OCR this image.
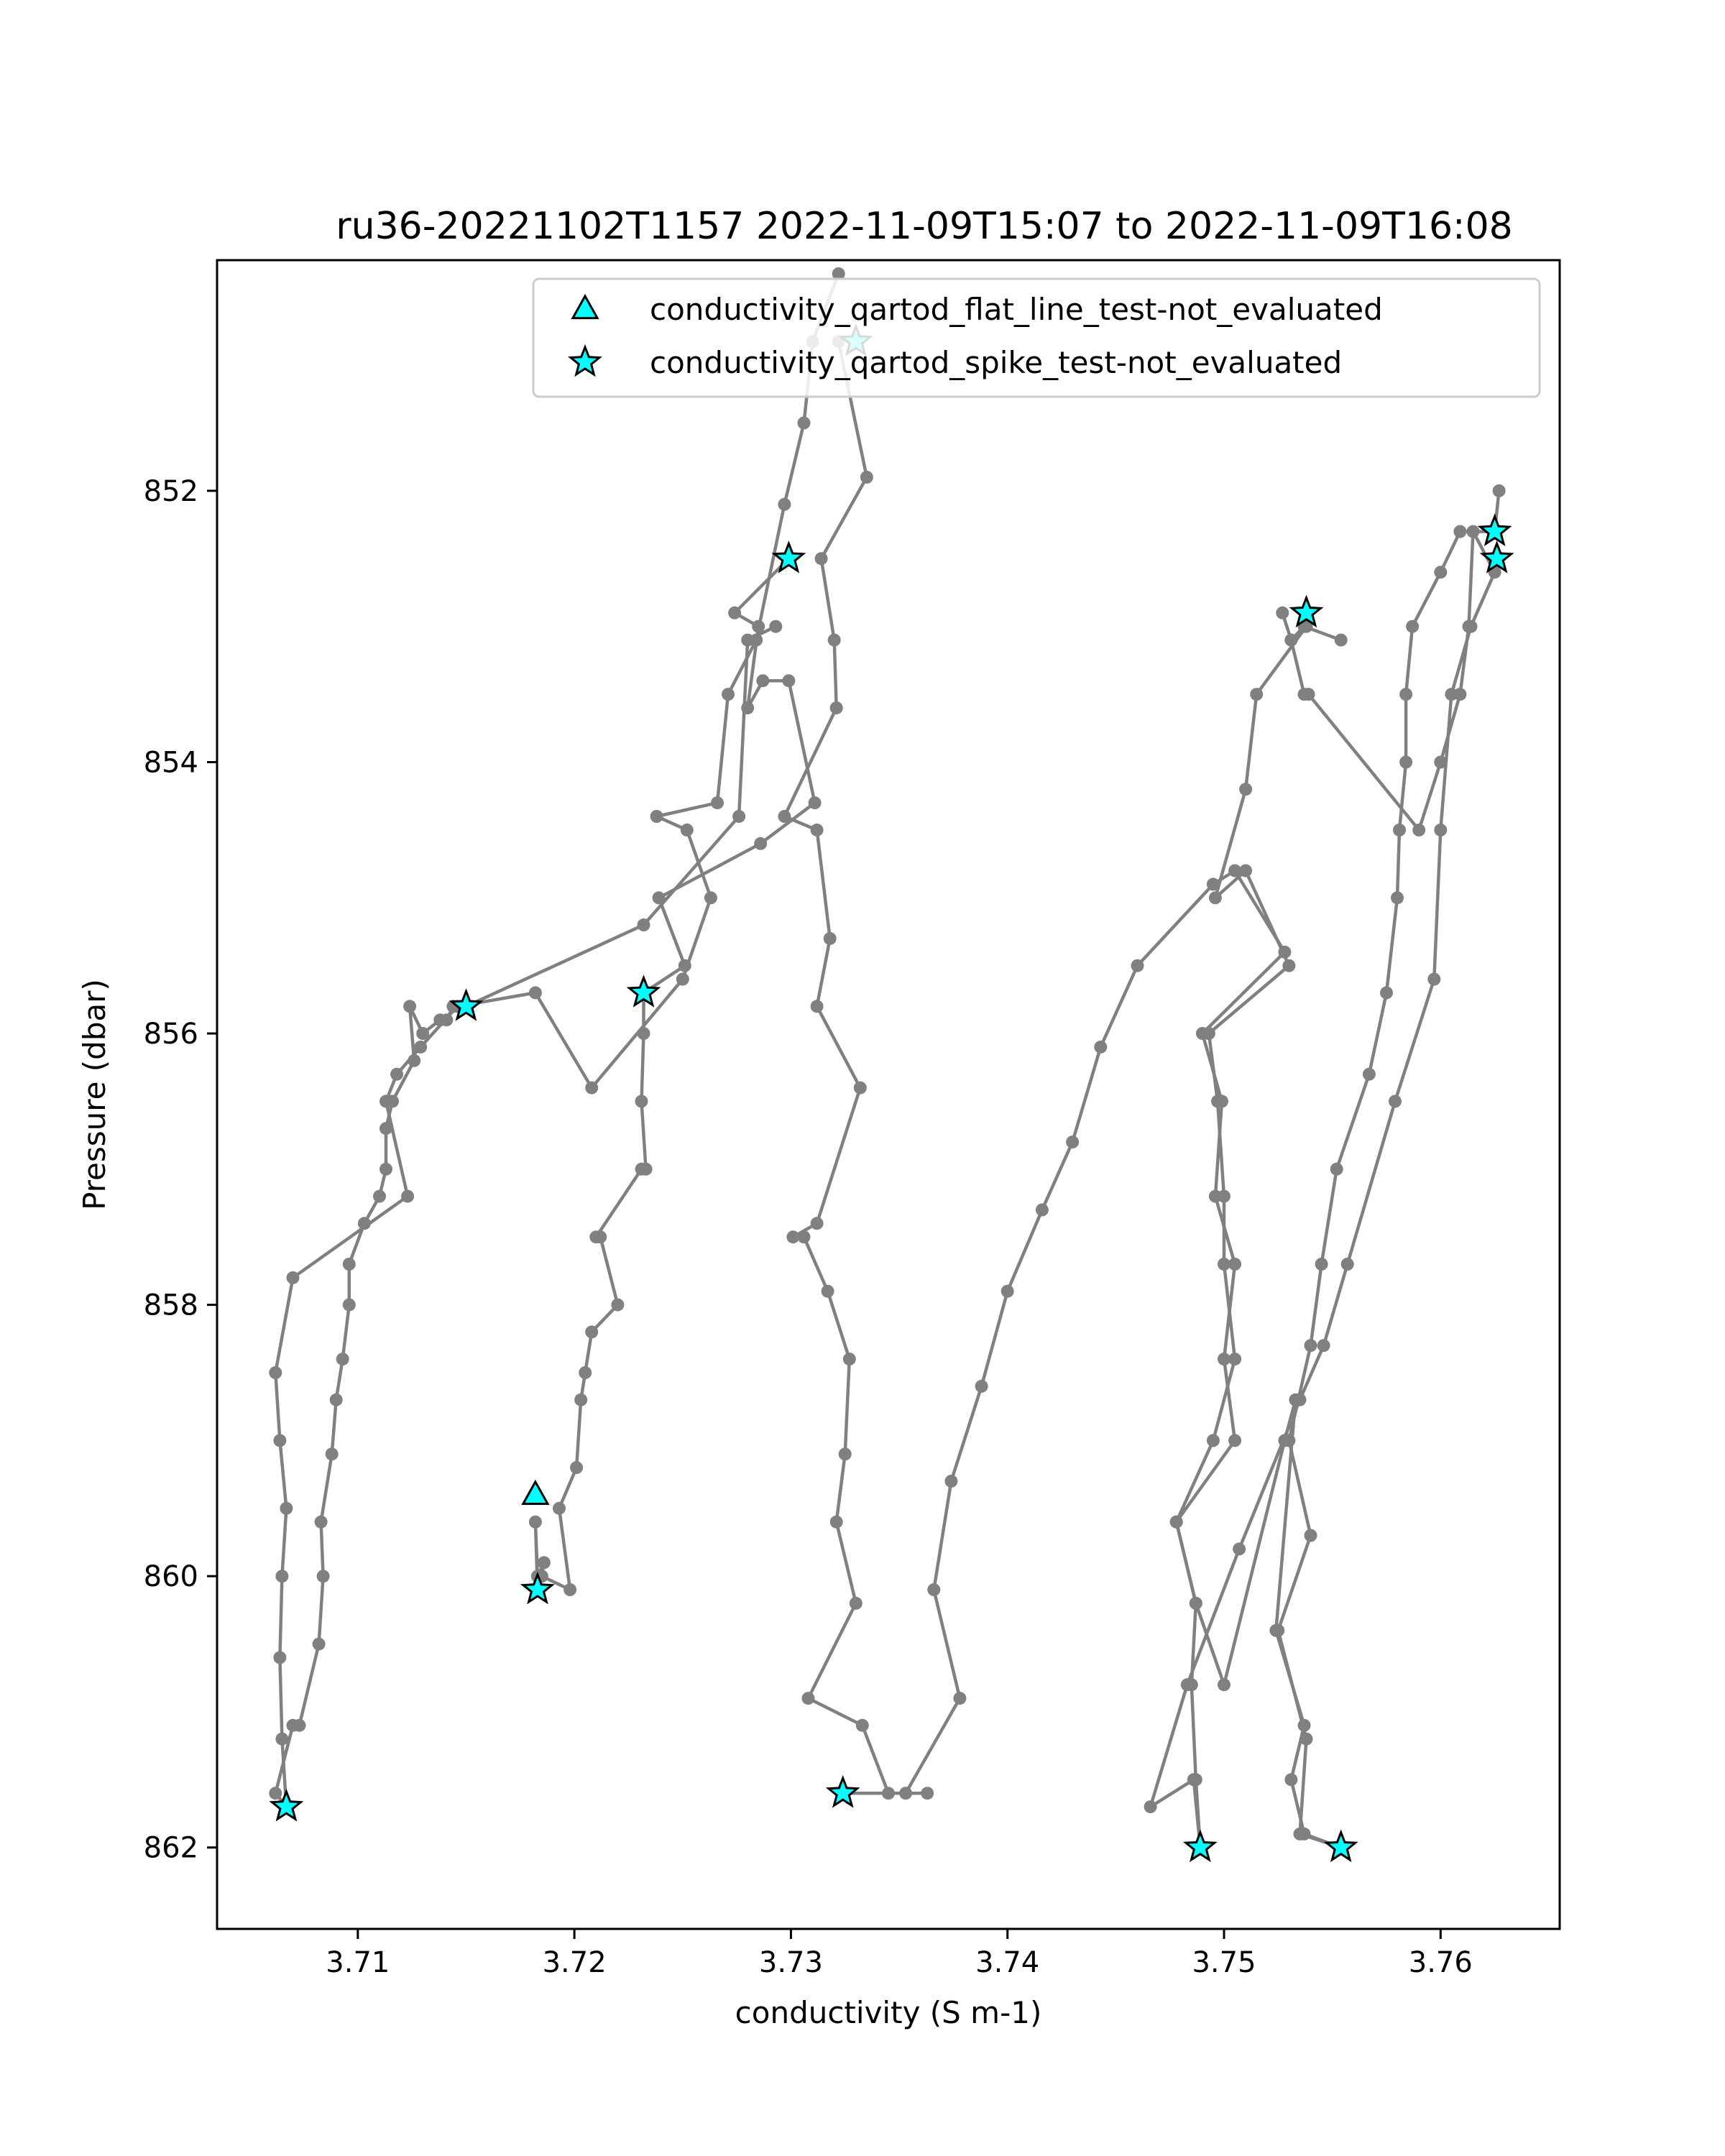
3.71	3.72	3.73	3.74	3.75	3.76
852
854
856
858
860
862
ru36-20221102T1157 2022-11-09T15:07 to 2022-11-09T16:08
conductivity (S m-1)
Pressure (dbar)
conductivity_qartod_flat_line_test-not_evaluated
conductivity_qartod_spike_test-not_evaluated
